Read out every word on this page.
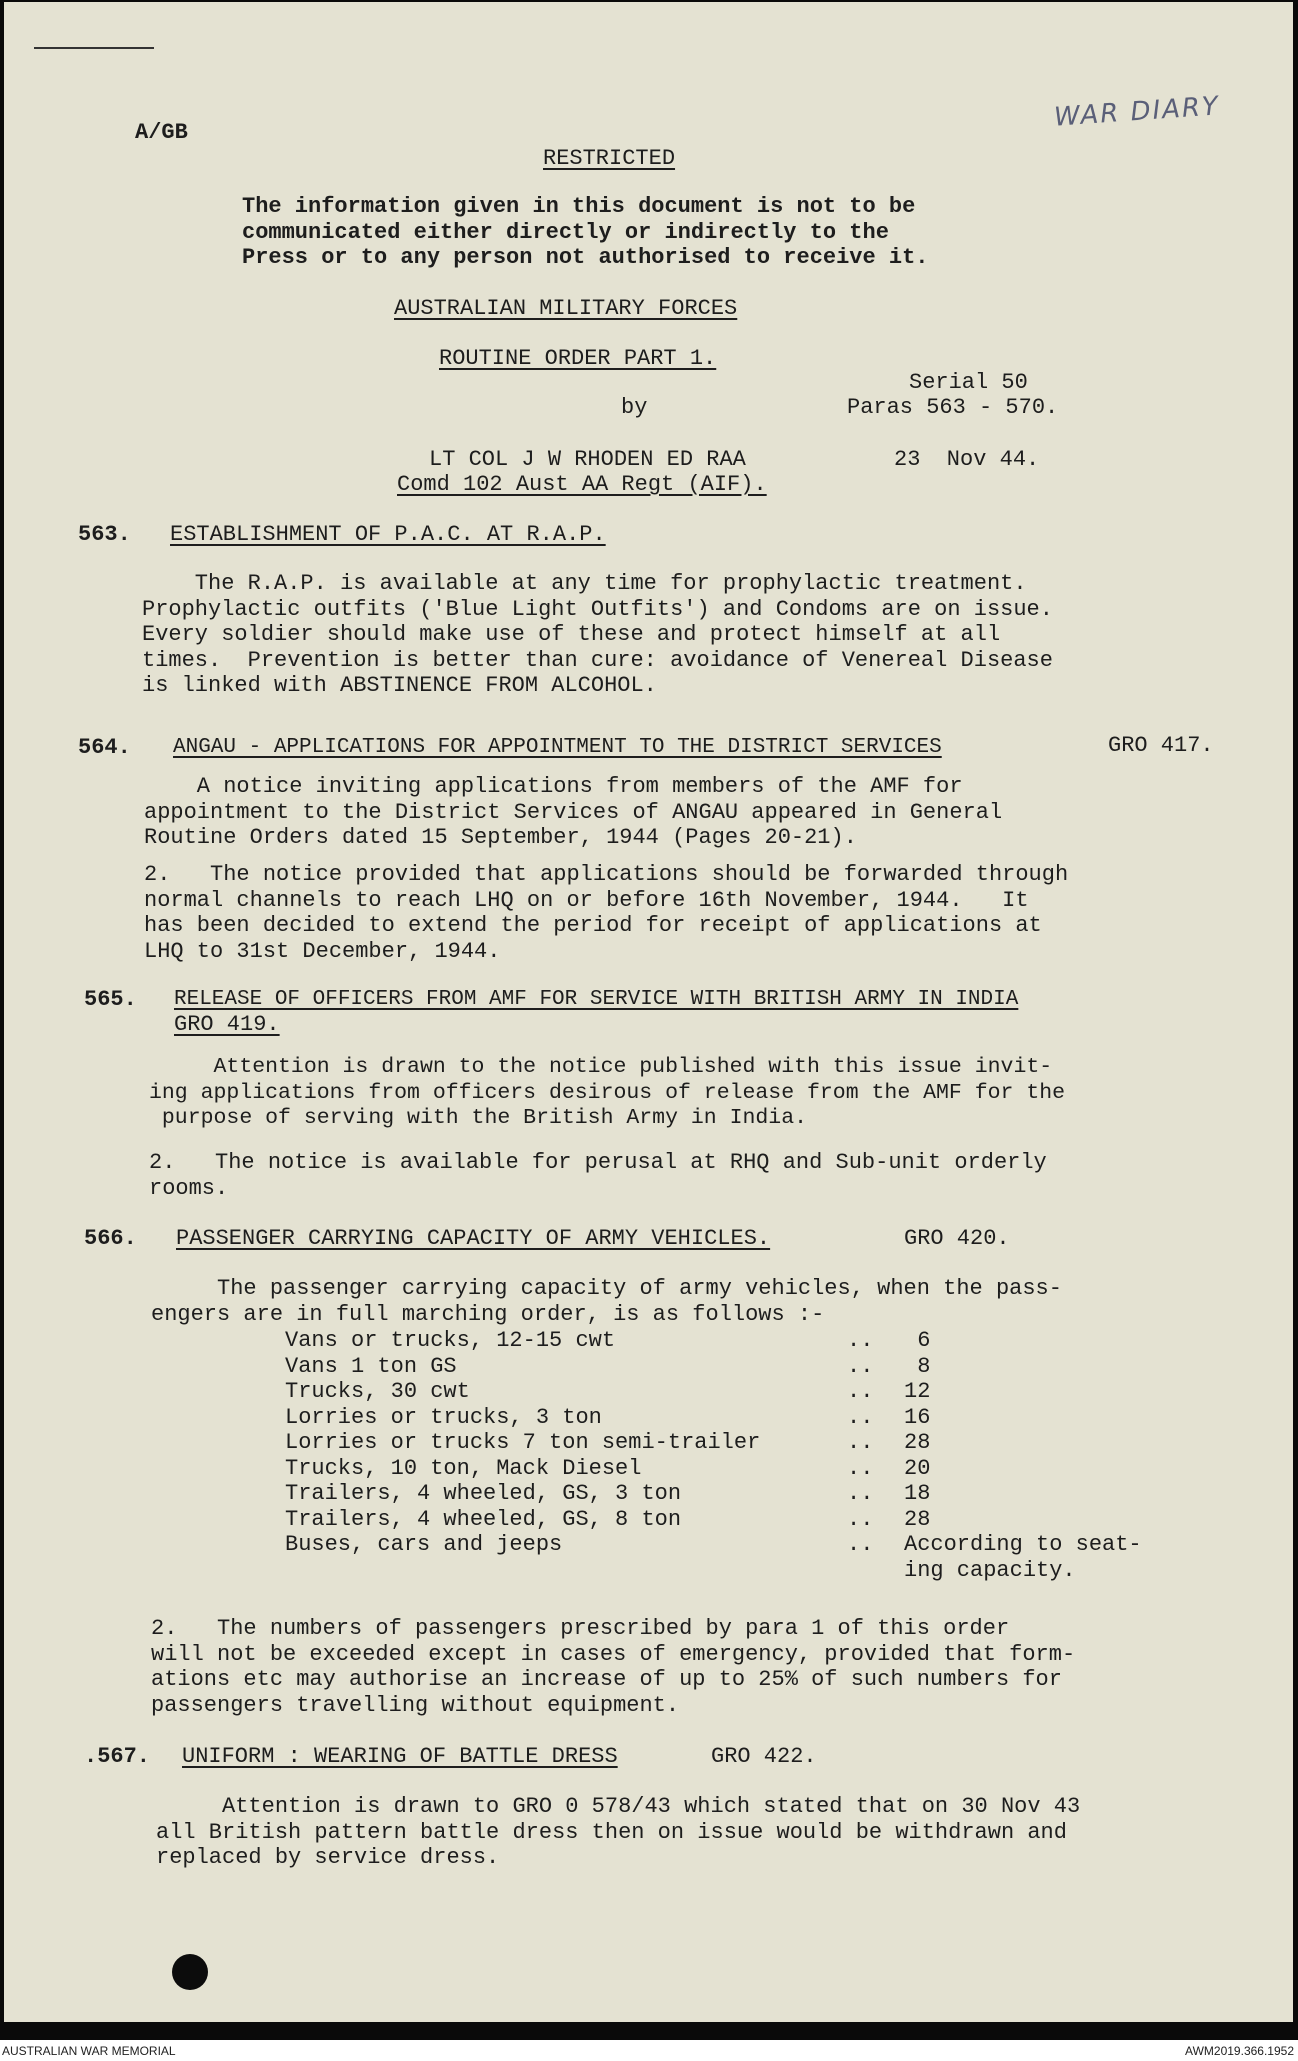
A/GB	WAR DIARY
RESTRICTED
The information given in this document is not to be
communicated either directly or indirectly to the
Press or to any person not authorised to receive it.
AUSTRALIAN MILITARY FORCES
ROUTINE ORDER PART 1.
Serial 50
by	Paras 563 - 570.
LT COL J W RHODEN ED RAA	23  Nov 44.
Comd 102 Aust AA Regt (AIF).
563. ESTABLISHMENT OF P.A.C. AT R.A.P.
The R.A.P. is available at any time for prophylactic treatment.
Prophylactic outfits ('Blue Light Outfits') and Condoms are on issue.
Every soldier should make use of these and protect himself at all
times.  Prevention is better than cure: avoidance of Venereal Disease
is linked with ABSTINENCE FROM ALCOHOL.
564. ANGAU - APPLICATIONS FOR APPOINTMENT TO THE DISTRICT SERVICES	GRO 417.
A notice inviting applications from members of the AMF for
appointment to the District Services of ANGAU appeared in General
Routine Orders dated 15 September, 1944 (Pages 20-21).
2.   The notice provided that applications should be forwarded through
normal channels to reach LHQ on or before 16th November, 1944.   It
has been decided to extend the period for receipt of applications at
LHQ to 31st December, 1944.
565. RELEASE OF OFFICERS FROM AMF FOR SERVICE WITH BRITISH ARMY IN INDIA
GRO 419.
Attention is drawn to the notice published with this issue invit-
ing applications from officers desirous of release from the AMF for the
purpose of serving with the British Army in India.
2.   The notice is available for perusal at RHQ and Sub-unit orderly
rooms.
566. PASSENGER CARRYING CAPACITY OF ARMY VEHICLES.	GRO 420.
The passenger carrying capacity of army vehicles, when the pass-
engers are in full marching order, is as follows :-
Vans or trucks, 12-15 cwt	.. 6
Vans 1 ton GS	.. 8
Trucks, 30 cwt	.. 12
Lorries or trucks, 3 ton	.. 16
Lorries or trucks 7 ton semi-trailer	.. 28
Trucks, 10 ton, Mack Diesel	.. 20
Trailers, 4 wheeled, GS, 3 ton	.. 18
Trailers, 4 wheeled, GS, 8 ton	.. 28
Buses, cars and jeeps	.. According to seat-
ing capacity.
2.   The numbers of passengers prescribed by para 1 of this order
will not be exceeded except in cases of emergency, provided that form-
ations etc may authorise an increase of up to 25% of such numbers for
passengers travelling without equipment.
.567. UNIFORM : WEARING OF BATTLE DRESS	GRO 422.
Attention is drawn to GRO 0 578/43 which stated that on 30 Nov 43
all British pattern battle dress then on issue would be withdrawn and
replaced by service dress.
AUSTRALIAN WAR MEMORIAL	AWM2019.366.1952
